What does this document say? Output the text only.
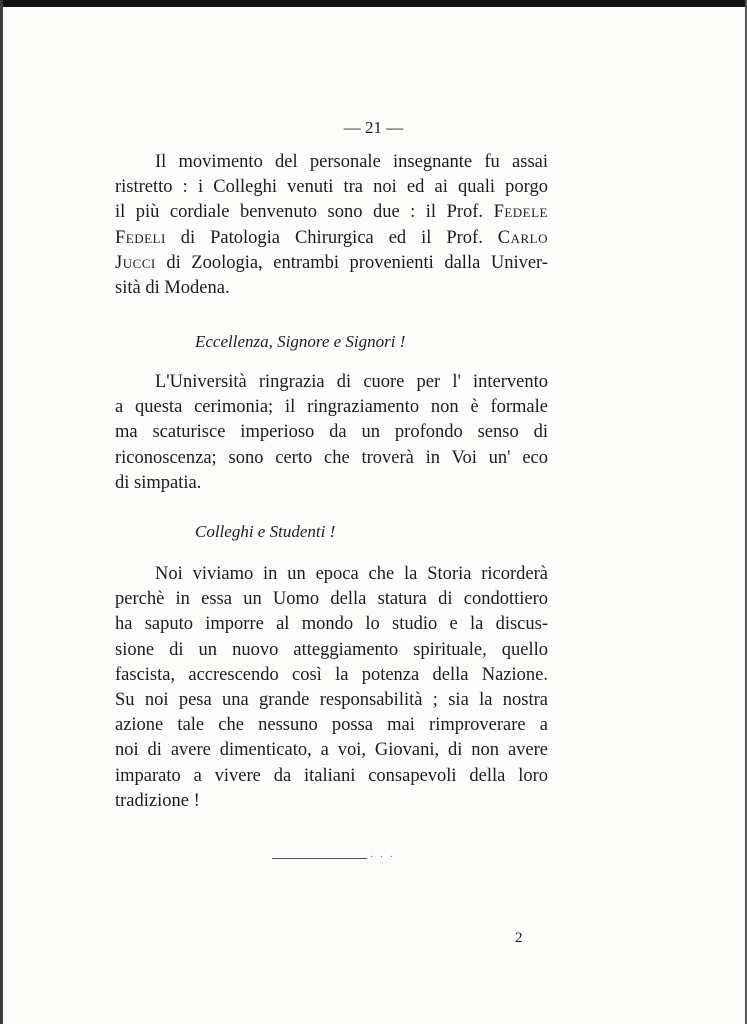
— 21 —
Il movimento del personale insegnante fu assai
ristretto : i Colleghi venuti tra noi ed ai quali porgo
il più cordiale benvenuto sono due : il Prof. Fedele
Fedeli di Patologia Chirurgica ed il Prof. Carlo
Jucci di Zoologia, entrambi provenienti dalla Univer-
sità di Modena.
Eccellenza, Signore e Signori !
L'Università ringrazia di cuore per l' intervento
a questa cerimonia; il ringraziamento non è formale
ma scaturisce imperioso da un profondo senso di
riconoscenza; sono certo che troverà in Voi un' eco
di simpatia.
Colleghi e Studenti !
Noi viviamo in un epoca che la Storia ricorderà
perchè in essa un Uomo della statura di condottiero
ha saputo imporre al mondo lo studio e la discus-
sione di un nuovo atteggiamento spirituale, quello
fascista, accrescendo così la potenza della Nazione.
Su noi pesa una grande responsabilità ; sia la nostra
azione tale che nessuno possa mai rimproverare a
noi di avere dimenticato, a voi, Giovani, di non avere
imparato a vivere da italiani consapevoli della loro
tradizione !
· · ·
2
